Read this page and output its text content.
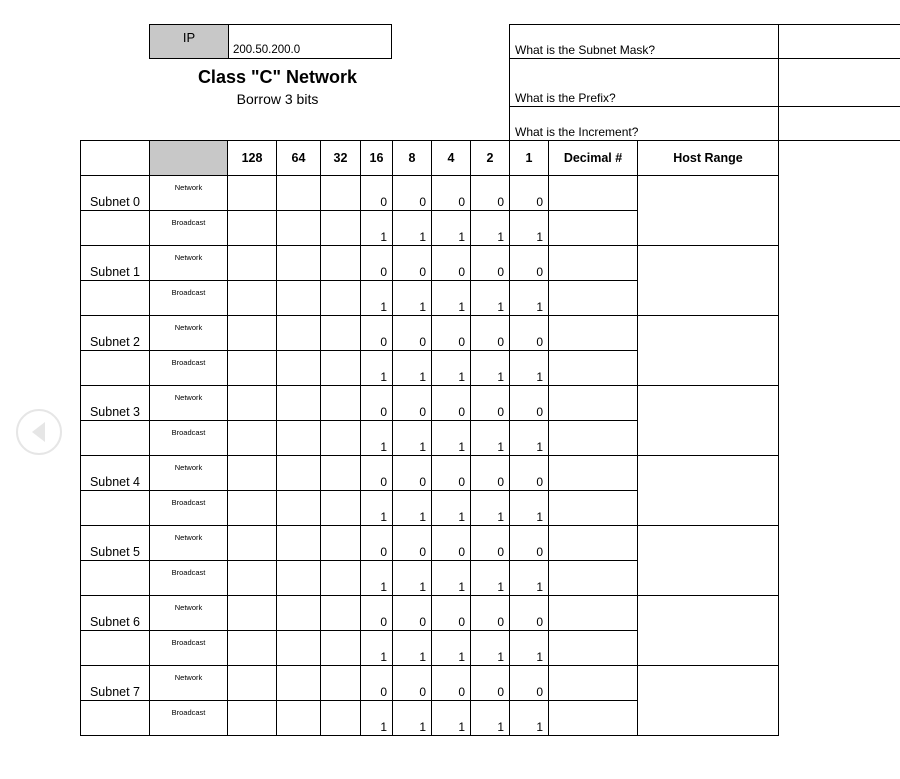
IP
200.50.200.0
Class "C" Network
Borrow 3 bits
What is the Subnet Mask?
What is the Prefix?
What is the Increment?
		128	64	32	16	8	4	2	1	Decimal #	Host Range
Subnet 0	Network				0	0	0	0	0		
	Broadcast				1	1	1	1	1		
Subnet 1	Network				0	0	0	0	0		
	Broadcast				1	1	1	1	1		
Subnet 2	Network				0	0	0	0	0		
	Broadcast				1	1	1	1	1		
Subnet 3	Network				0	0	0	0	0		
	Broadcast				1	1	1	1	1		
Subnet 4	Network				0	0	0	0	0		
	Broadcast				1	1	1	1	1		
Subnet 5	Network				0	0	0	0	0		
	Broadcast				1	1	1	1	1		
Subnet 6	Network				0	0	0	0	0		
	Broadcast				1	1	1	1	1		
Subnet 7	Network				0	0	0	0	0		
	Broadcast				1	1	1	1	1		
